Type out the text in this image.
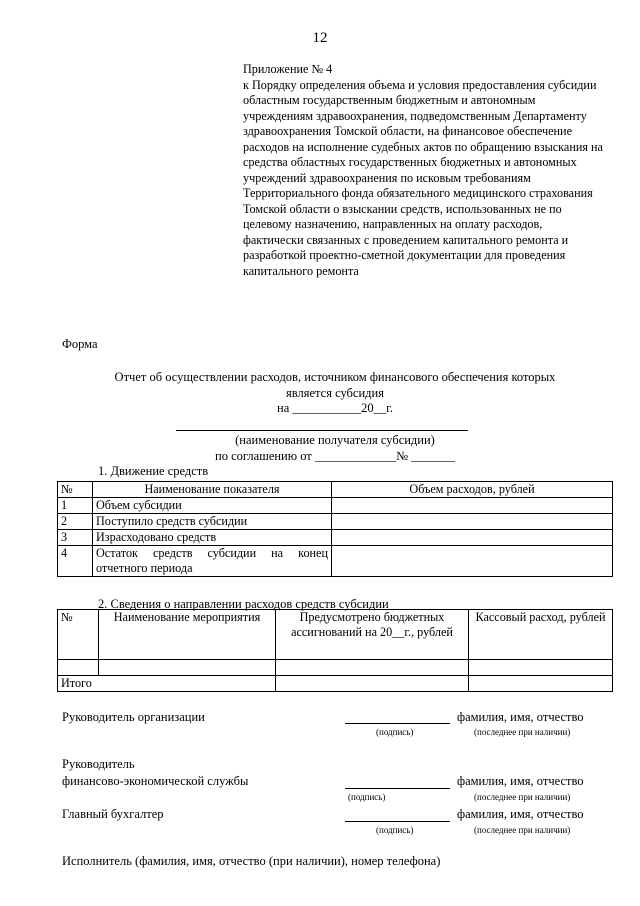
12
Приложение № 4
к Порядку определения объема и условия предоставления субсидии областным государственным бюджетным и автономным учреждениям здравоохранения, подведомственным Департаменту здравоохранения Томской области, на финансовое обеспечение расходов на исполнение судебных актов по обращению взыскания на средства областных государственных бюджетных и автономных учреждений здравоохранения по исковым требованиям Территориального фонда обязательного медицинского страхования Томской области о взыскании средств, использованных не по целевому назначению, направленных на оплату расходов, фактически связанных с проведением капитального ремонта и разработкой проектно-сметной документации для проведения капитального ремонта
Форма
Отчет об осуществлении расходов, источником финансового обеспечения которых
является субсидия
на ___________20__г.
(наименование получателя субсидии)
по соглашению от _____________№ _______
1. Движение средств
№	Наименование показателя	Объем расходов, рублей
1	Объем субсидии	
2	Поступило средств субсидии	
3	Израсходовано средств	
4	Остаток средств субсидии на конец
отчетного периода	

2. Сведения о направлении расходов средств субсидии
№	Наименование мероприятия	Предусмотрено бюджетных ассигнований на 20__г., рублей	Кассовый расход, рублей

Итого			
Руководитель организации	фамилия, имя, отчество
(подпись)	(последнее при наличии)
Руководитель
финансово-экономической службы	фамилия, имя, отчество
(подпись)	(последнее при наличии)
Главный бухгалтер	фамилия, имя, отчество
(подпись)	(последнее при наличии)
Исполнитель (фамилия, имя, отчество (при наличии), номер телефона)
